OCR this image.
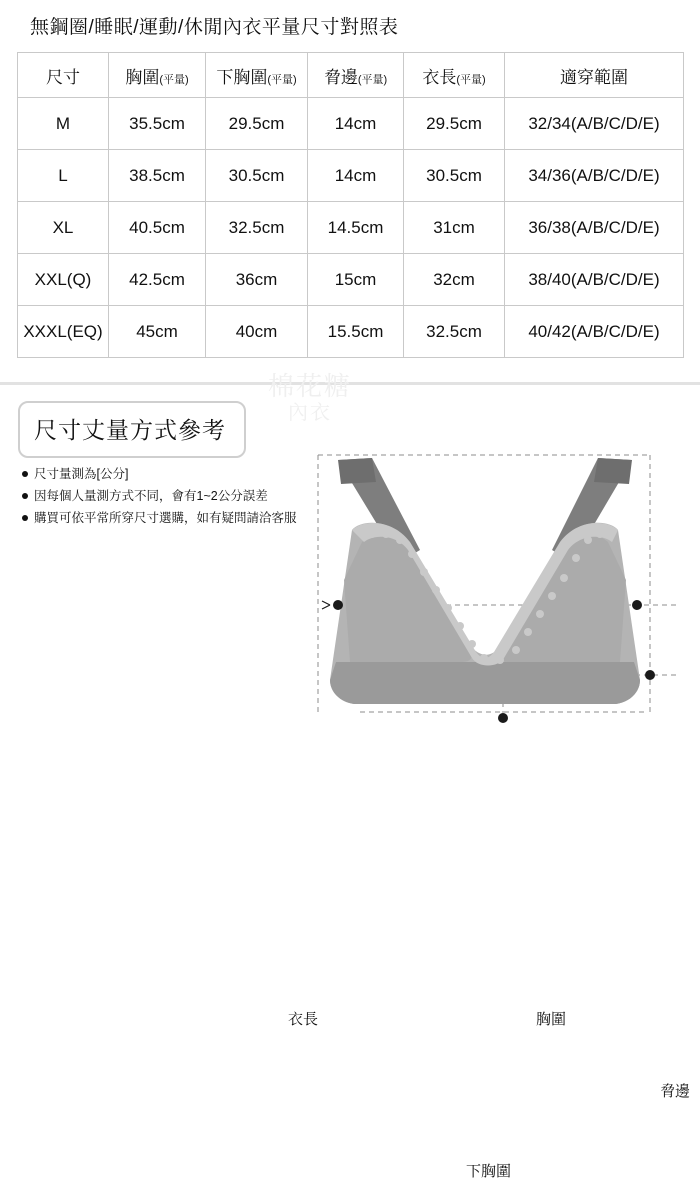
無鋼圈/睡眠/運動/休閒內衣平量尺寸對照表
尺寸	胸圍(平量)	下胸圍(平量)	脅邊(平量)	衣長(平量)	適穿範圍
M	35.5cm	29.5cm	14cm	29.5cm	32/34(A/B/C/D/E)
L	38.5cm	30.5cm	14cm	30.5cm	34/36(A/B/C/D/E)
XL	40.5cm	32.5cm	14.5cm	31cm	36/38(A/B/C/D/E)
XXL(Q)	42.5cm	36cm	15cm	32cm	38/40(A/B/C/D/E)
XXXL(EQ)	45cm	40cm	15.5cm	32.5cm	40/42(A/B/C/D/E)
棉花糖
內衣
尺寸丈量方式參考
尺寸量測為[公分]
因每個人量測方式不同，會有1~2公分誤差
購買可依平常所穿尺寸選購，如有疑問請洽客服
衣長	胸圍
脅邊
下胸圍
